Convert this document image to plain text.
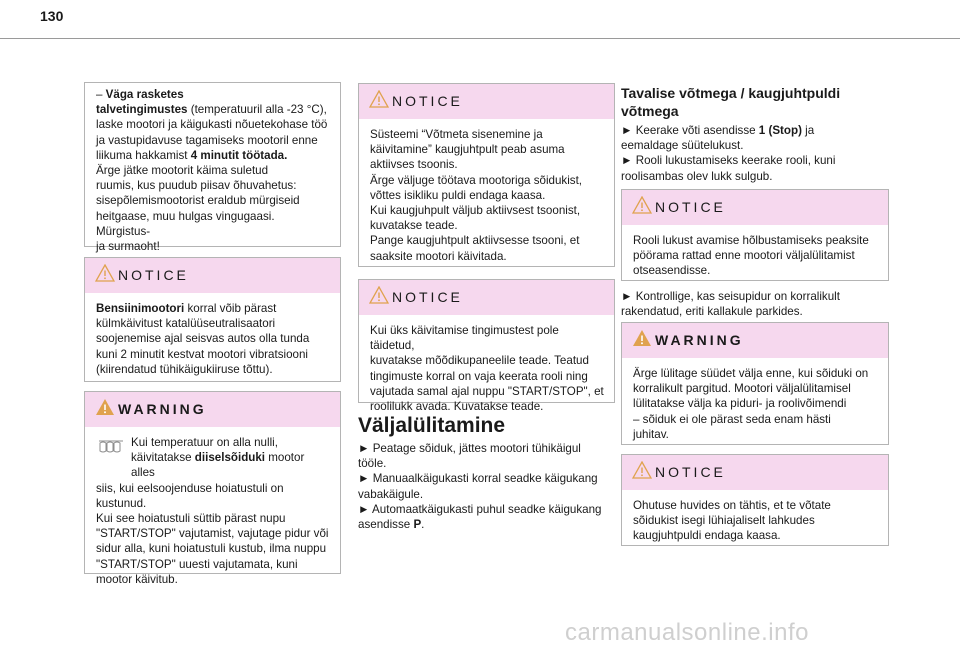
130
– Väga rasketes
talvetingimustes (temperatuuril alla -23 °C),
laske mootori ja käigukasti nõuetekohase töö
ja vastupidavuse tagamiseks mootoril enne
liikuma hakkamist 4 minutit töötada.
Ärge jätke mootorit käima suletud
ruumis, kus puudub piisav õhuvahetus:
sisepõlemismootorist eraldub mürgiseid
heitgaase, muu hulgas vingugaasi. Mürgistus-
ja surmaoht!
NOTICE
Bensiinimootori korral võib pärast
külmkäivitust katalüüseutralisaatori
soojenemise ajal seisvas autos olla tunda
kuni 2 minutit kestvat mootori vibratsiooni
(kiirendatud tühikäigukiiruse tõttu).
WARNING
Kui temperatuur on alla nulli,
käivitatakse diiselsõiduki mootor alles
siis, kui eelsoojenduse hoiatustuli on
kustunud.
Kui see hoiatustuli süttib pärast nupu
"START/STOP" vajutamist, vajutage pidur või
sidur alla, kuni hoiatustuli kustub, ilma nuppu
"START/STOP" uuesti vajutamata, kuni
mootor käivitub.
NOTICE
Süsteemi “Võtmeta sisenemine ja
käivitamine” kaugjuhtpult peab asuma
aktiivses tsoonis.
Ärge väljuge töötava mootoriga sõidukist,
võttes isikliku puldi endaga kaasa.
Kui kaugjuhpult väljub aktiivsest tsoonist,
kuvatakse teade.
Pange kaugjuhtpult aktiivsesse tsooni, et
saaksite mootori käivitada.
NOTICE
Kui üks käivitamise tingimustest pole täidetud,
kuvatakse mõõdikupaneelile teade. Teatud
tingimuste korral on vaja keerata rooli ning
vajutada samal ajal nuppu "START/STOP", et
roolilukk avada. Kuvatakse teade.
Väljalülitamine
► Peatage sõiduk, jättes mootori tühikäigul
tööle.
► Manuaalkäigukasti korral seadke käigukang
vabakäigule.
► Automaatkäigukasti puhul seadke käigukang
asendisse P.
Tavalise võtmega / kaugjuhtpuldi
võtmega
► Keerake võti asendisse 1 (Stop) ja
eemaldage süütelukust.
► Rooli lukustamiseks keerake rooli, kuni
roolisambas olev lukk sulgub.
NOTICE
Rooli lukust avamise hõlbustamiseks peaksite
pöörama rattad enne mootori väljalülitamist
otseasendisse.
► Kontrollige, kas seisupidur on korralikult
rakendatud, eriti kallakule parkides.
WARNING
Ärge lülitage süüdet välja enne, kui sõiduki on
korralikult pargitud. Mootori väljalülitamisel
lülitatakse välja ka piduri- ja roolivõimendi
– sõiduk ei ole pärast seda enam hästi
juhitav.
NOTICE
Ohutuse huvides on tähtis, et te võtate
sõidukist isegi lühiajaliselt lahkudes
kaugjuhtpuldi endaga kaasa.
carmanualsonline.info
